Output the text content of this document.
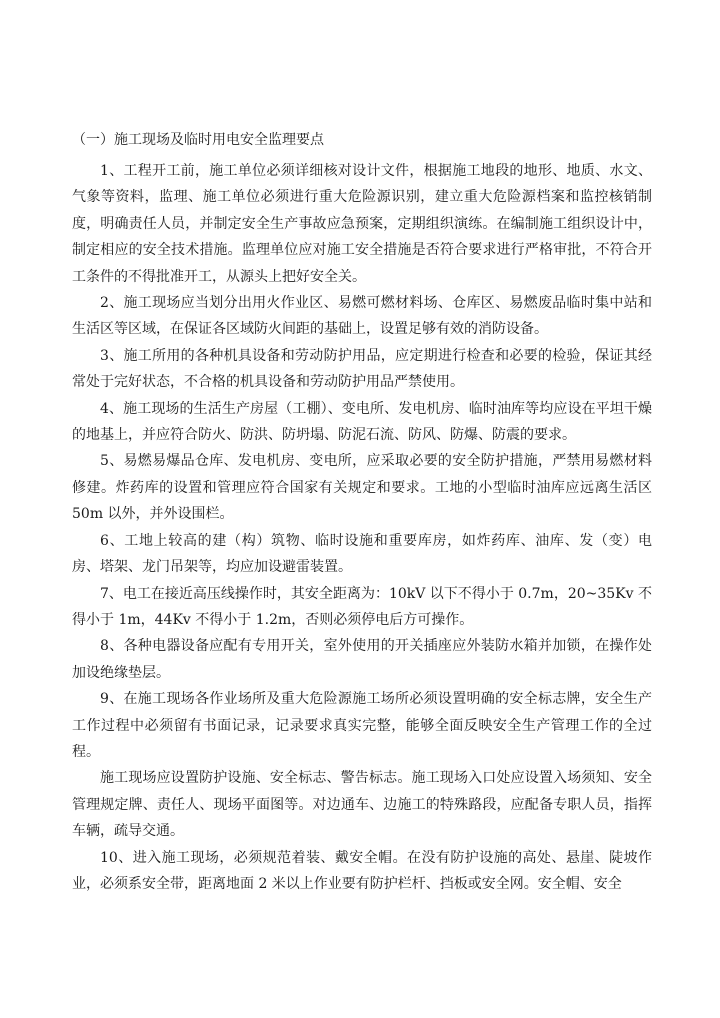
（一）施工现场及临时用电安全监理要点

1、工程开工前，施工单位必须详细核对设计文件，根据施工地段的地形、地质、水文、气象等资料，监理、施工单位必须进行重大危险源识别，建立重大危险源档案和监控核销制度，明确责任人员，并制定安全生产事故应急预案，定期组织演练。在编制施工组织设计中，制定相应的安全技术措施。监理单位应对施工安全措施是否符合要求进行严格审批，不符合开工条件的不得批准开工，从源头上把好安全关。

2、施工现场应当划分出用火作业区、易燃可燃材料场、仓库区、易燃废品临时集中站和生活区等区域，在保证各区域防火间距的基础上，设置足够有效的消防设备。

3、施工所用的各种机具设备和劳动防护用品，应定期进行检查和必要的检验，保证其经常处于完好状态，不合格的机具设备和劳动防护用品严禁使用。

4、施工现场的生活生产房屋（工棚）、变电所、发电机房、临时油库等均应设在平坦干燥的地基上，并应符合防火、防洪、防坍塌、防泥石流、防风、防爆、防震的要求。

5、易燃易爆品仓库、发电机房、变电所，应采取必要的安全防护措施，严禁用易燃材料修建。炸药库的设置和管理应符合国家有关规定和要求。工地的小型临时油库应远离生活区 50m 以外，并外设围栏。

6、工地上较高的建（构）筑物、临时设施和重要库房，如炸药库、油库、发（变）电房、塔架、龙门吊架等，均应加设避雷装置。

7、电工在接近高压线操作时，其安全距离为：10kV 以下不得小于 0.7m，20~35Kv 不得小于 1m，44Kv 不得小于 1.2m，否则必须停电后方可操作。

8、各种电器设备应配有专用开关，室外使用的开关插座应外装防水箱并加锁，在操作处加设绝缘垫层。

9、在施工现场各作业场所及重大危险源施工场所必须设置明确的安全标志牌，安全生产工作过程中必须留有书面记录，记录要求真实完整，能够全面反映安全生产管理工作的全过程。

施工现场应设置防护设施、安全标志、警告标志。施工现场入口处应设置入场须知、安全管理规定牌、责任人、现场平面图等。对边通车、边施工的特殊路段，应配备专职人员，指挥车辆，疏导交通。

10、进入施工现场，必须规范着装、戴安全帽。在没有防护设施的高处、悬崖、陡坡作业，必须系安全带，距离地面 2 米以上作业要有防护栏杆、挡板或安全网。安全帽、安全
